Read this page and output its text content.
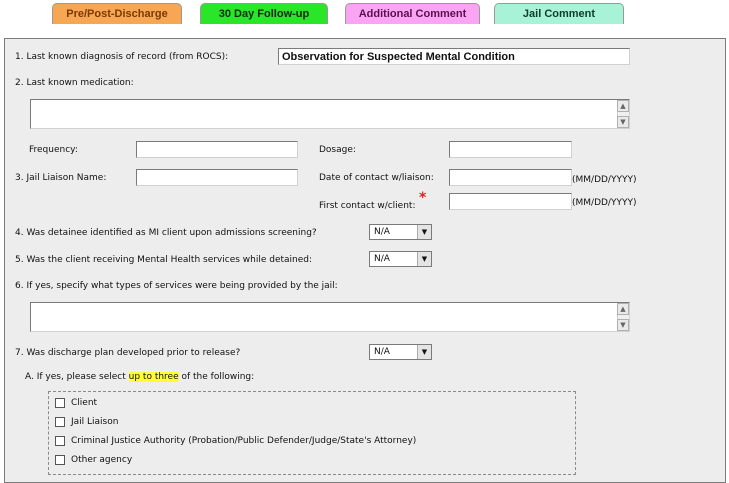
Pre/Post-Discharge	30 Day Follow-up	Additional Comment	Jail Comment
1. Last known diagnosis of record (from ROCS):	Observation for Suspected Mental Condition
2. Last known medication:
▲
▼
Frequency:	Dosage:
3. Jail Liaison Name:	Date of contact w/liaison:	(MM/DD/YYYY)
First contact w/client: *	(MM/DD/YYYY)
4. Was detainee identified as MI client upon admissions screening?	N/A	▼
5. Was the client receiving Mental Health services while detained:	N/A	▼
6. If yes, specify what types of services were being provided by the jail:
▲
▼
7. Was discharge plan developed prior to release?	N/A	▼
A. If yes, please select up to three of the following:
Client
Jail Liaison
Criminal Justice Authority (Probation/Public Defender/Judge/State's Attorney)
Other agency
